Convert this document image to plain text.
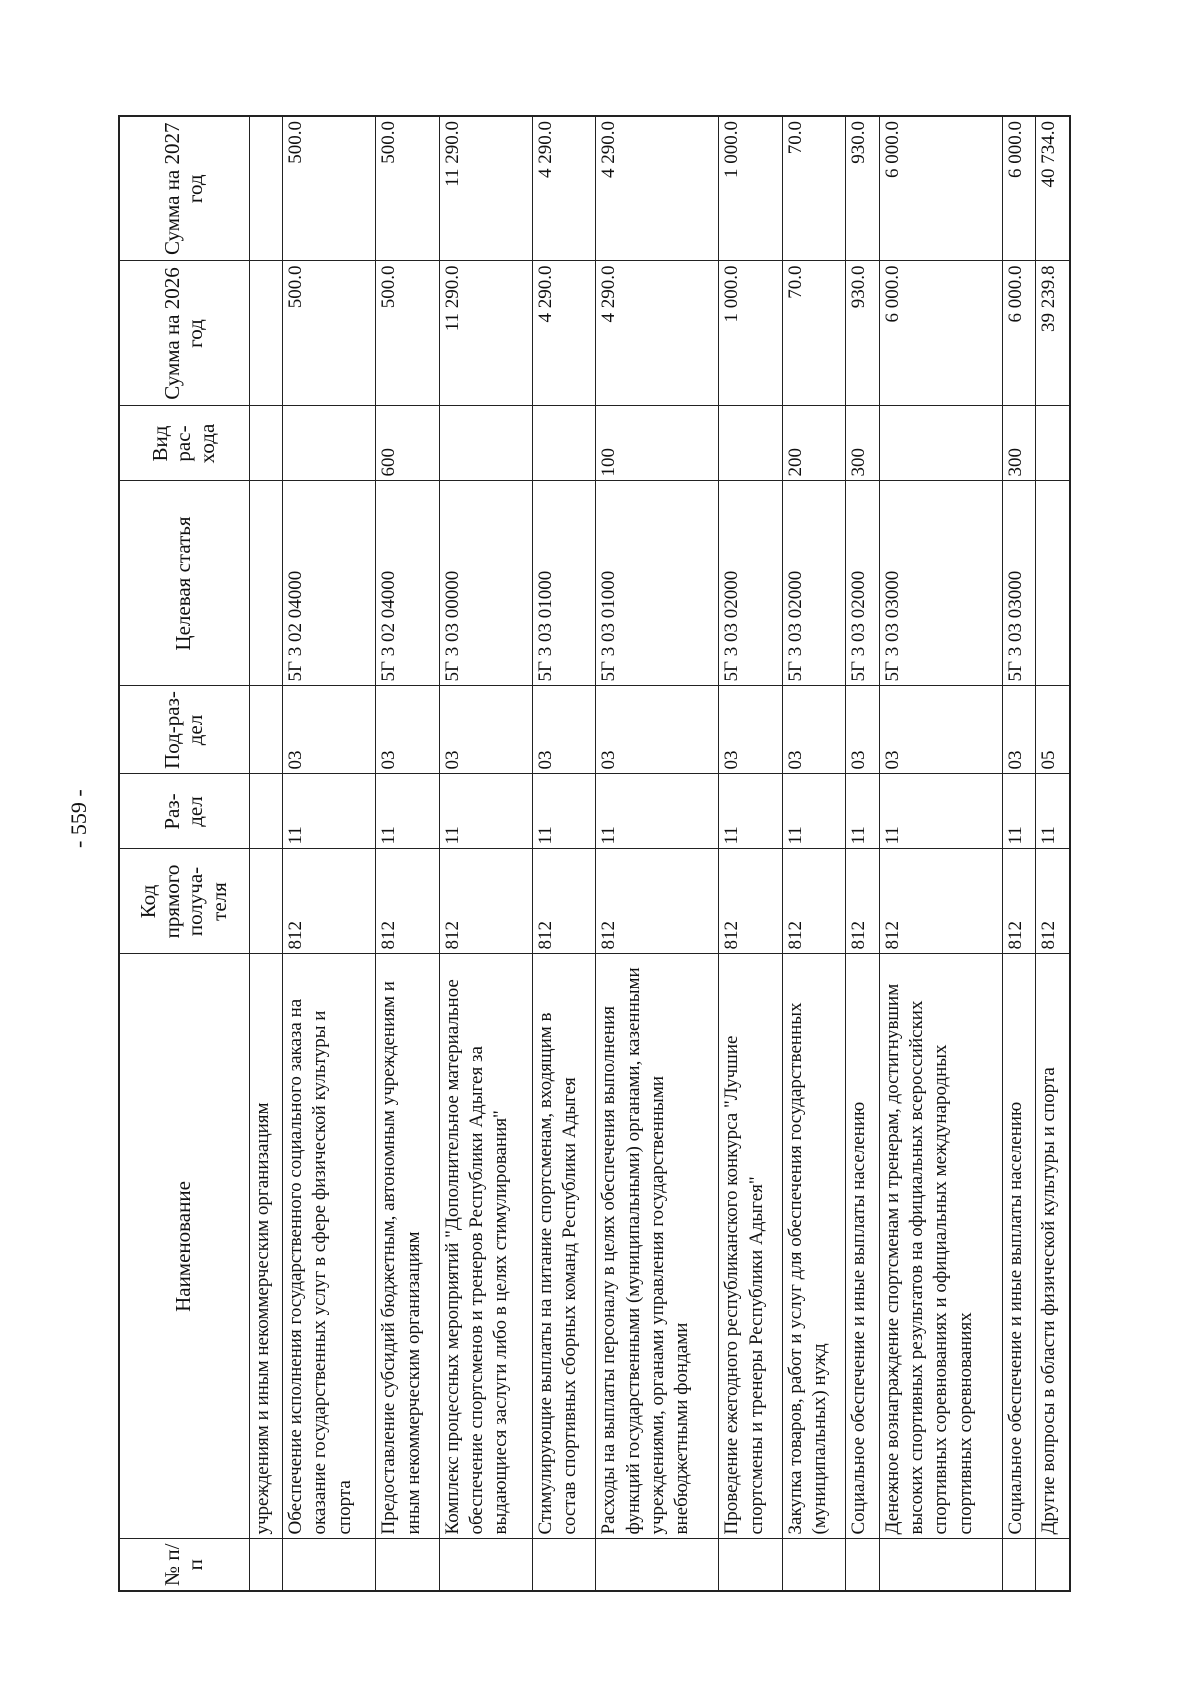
- 559 -
№ п/п	Наименование	Код прямого получа-теля	Раз-дел	Под-раз-дел	Целевая статья	Вид рас-хода	Сумма на 2026 год	Сумма на 2027 год
	учреждениям и иным некоммерческим организациям							
	Обеспечение исполнения государственного социального заказа на оказание государственных услуг в сфере физической культуры и спорта	812	11	03	5Г 3 02 04000		500.0	500.0
	Предоставление субсидий бюджетным, автономным учреждениям и иным некоммерческим организациям	812	11	03	5Г 3 02 04000	600	500.0	500.0
	Комплекс процессных мероприятий "Дополнительное материальное обеспечение спортсменов и тренеров Республики Адыгея за выдающиеся заслуги либо в целях стимулирования"	812	11	03	5Г 3 03 00000		11 290.0	11 290.0
	Стимулирующие выплаты на питание спортсменам, входящим в состав спортивных сборных команд Республики Адыгея	812	11	03	5Г 3 03 01000		4 290.0	4 290.0
	Расходы на выплаты персоналу в целях обеспечения выполнения функций государственными (муниципальными) органами, казенными учреждениями, органами управления государственными внебюджетными фондами	812	11	03	5Г 3 03 01000	100	4 290.0	4 290.0
	Проведение ежегодного республиканского конкурса "Лучшие спортсмены и тренеры Республики Адыгея"	812	11	03	5Г 3 03 02000		1 000.0	1 000.0
	Закупка товаров, работ и услуг для обеспечения государственных (муниципальных) нужд	812	11	03	5Г 3 03 02000	200	70.0	70.0
	Социальное обеспечение и иные выплаты населению	812	11	03	5Г 3 03 02000	300	930.0	930.0
	Денежное вознаграждение спортсменам и тренерам, достигнувшим высоких спортивных результатов на официальных всероссийских спортивных соревнованиях и официальных международных спортивных соревнованиях	812	11	03	5Г 3 03 03000		6 000.0	6 000.0
	Социальное обеспечение и иные выплаты населению	812	11	03	5Г 3 03 03000	300	6 000.0	6 000.0
	Другие вопросы в области физической культуры и спорта	812	11	05			39 239.8	40 734.0
